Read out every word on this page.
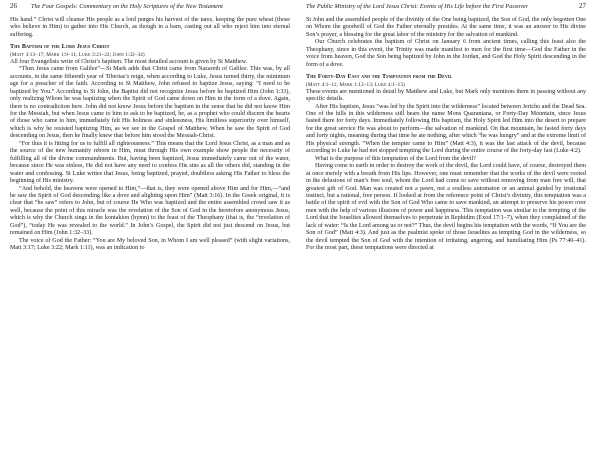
26 The Four Gospels: Commentary on the Holy Scriptures of the New Testament

His hand.” Christ will cleanse His people as a lord purges his harvest of the tares, keeping the pure wheat (those who believe in Him) to gather into His Church, as though in a barn, casting out all who reject him into eternal suffering.

The Baptism of the Lord Jesus Christ
(Matt 3:13–17; Mark 1:9–11; Luke 3:21–22; John 1:32–34)

All four Evangelists write of Christ’s baptism. The most detailed account is given by St Matthew.

“Then Jesus came from Galilee”—St Mark adds that Christ came from Nazareth of Galilee. This was, by all accounts, in the same fifteenth year of Tiberias’s reign, when according to Luke, Jesus turned thirty, the minimum age for a preacher of the faith. According to St Matthew, John refused to baptize Jesus, saying: “I need to be baptized by You.” According to St John, the Baptist did not recognize Jesus before he baptized Him (John 1:33), only realizing Whom he was baptizing when the Spirit of God came down on Him in the form of a dove. Again, there is no contradiction here. John did not know Jesus before the baptism in the sense that he did not know Him for the Messiah, but when Jesus came to him to ask to be baptized, he, as a prophet who could discern the hearts of those who came to him, immediately felt His holiness and sinlessness, His limitless superiority over himself, which is why he resisted baptizing Him, as we see in the Gospel of Matthew. When he saw the Spirit of God descending on Jesus, then he finally knew that before him stood the Messiah-Christ.

“For thus it is fitting for us to fulfill all righteousness.” This means that the Lord Jesus Christ, as a man and as the source of the new humanity reborn in Him, must through His own example show people the necessity of fulfilling all of the divine commandments. But, having been baptized, Jesus immediately came out of the water, because since He was sinless, He did not have any need to confess His sins as all the others did, standing in the water and confessing. St Luke writes that Jesus, being baptized, prayed, doubtless asking His Father to bless the beginning of His ministry.

“And behold, the heavens were opened to Him,”—that is, they were opened above Him and for Him,—“and he saw the Spirit of God descending like a dove and alighting upon Him” (Matt 3:16). In the Greek original, it is clear that “he saw” refers to John, but of course He Who was baptized and the entire assembled crowd saw it as well, because the point of this miracle was the revelation of the Son of God in the heretofore anonymous Jesus, which is why the Church sings in the kontakion (hymn) to the feast of the Theophany (that is, the “revelation of God”), “today He was revealed to the world.” In John’s Gospel, the Spirit did not just descend on Jesus, but remained on Him (John 1:32–33).

The voice of God the Father: “You are My beloved Son, in Whom I am well pleased” (with slight variations, Matt 3:17; Luke 3:22; Mark 1:11), was an indication to

The Public Ministry of the Lord Jesus Christ: Events of His Life before the First Passover	27

St John and the assembled people of the divinity of the One being baptized, the Son of God, the only begotten One on Whom the goodwill of God the Father eternally presides. At the same time, it was an answer to His divine Son’s prayer, a blessing for the great labor of the ministry for the salvation of mankind.

Our Church celebrates the baptism of Christ on January 6 from ancient times, calling this feast also the Theophany, since in this event, the Trinity was made manifest to men for the first time—God the Father in the voice from heaven, God the Son being baptized by John in the Jordan, and God the Holy Spirit descending in the form of a dove.

The Forty-Day Fast and the Temptation from the Devil
(Matt 4:1–11; Mark 1:12–13; Luke 4:1–13)

These events are mentioned in detail by Matthew and Luke, but Mark only mentions them in passing without any specific details.

After His baptism, Jesus “was led by the Spirit into the wilderness” located between Jericho and the Dead Sea. One of the hills in this wilderness still bears the name Mons Quarantana, or Forty-Day Mountain, since Jesus fasted there for forty days. Immediately following His baptism, the Holy Spirit led Him into the desert to prepare for the great service He was about to perform—the salvation of mankind. On that mountain, he fasted forty days and forty nights, meaning during that time he ate nothing, after which “he was hungry” and at the extreme limit of His physical strength. “When the tempter came to Him” (Matt 4:3), it was the last attack of the devil, because according to Luke he had not stopped tempting the Lord during the entire course of the forty-day fast (Luke 4:2).

What is the purpose of this temptation of the Lord from the devil?

Having come to earth in order to destroy the work of the devil, the Lord could have, of course, destroyed them at once merely with a breath from His lips. However, one must remember that the works of the devil were rooted in the delusions of man’s free soul, whom the Lord had come to save without removing from man free will, that greatest gift of God. Man was created not a pawn, not a soulless automaton or an animal guided by irrational instinct, but a rational, free person. If looked at from the reference point of Christ’s divinity, this temptation was a battle of the spirit of evil with the Son of God Who came to save mankind, an attempt to preserve his power over men with the help of various illusions of power and happiness. This temptation was similar to the tempting of the Lord that the Israelites allowed themselves to perpetrate in Rephidim (Exod 17:1–7), when they complained of the lack of water: “Is the Lord among us or not?” Thus, the devil begins his temptation with the words, “If You are the Son of God” (Matt 4:3). And just as the psalmist spoke of those Israelites as tempting God in the wilderness, so the devil tempted the Son of God with the intention of irritating, angering, and humiliating Him (Ps 77:40–41). For the most part, these temptations were directed at
